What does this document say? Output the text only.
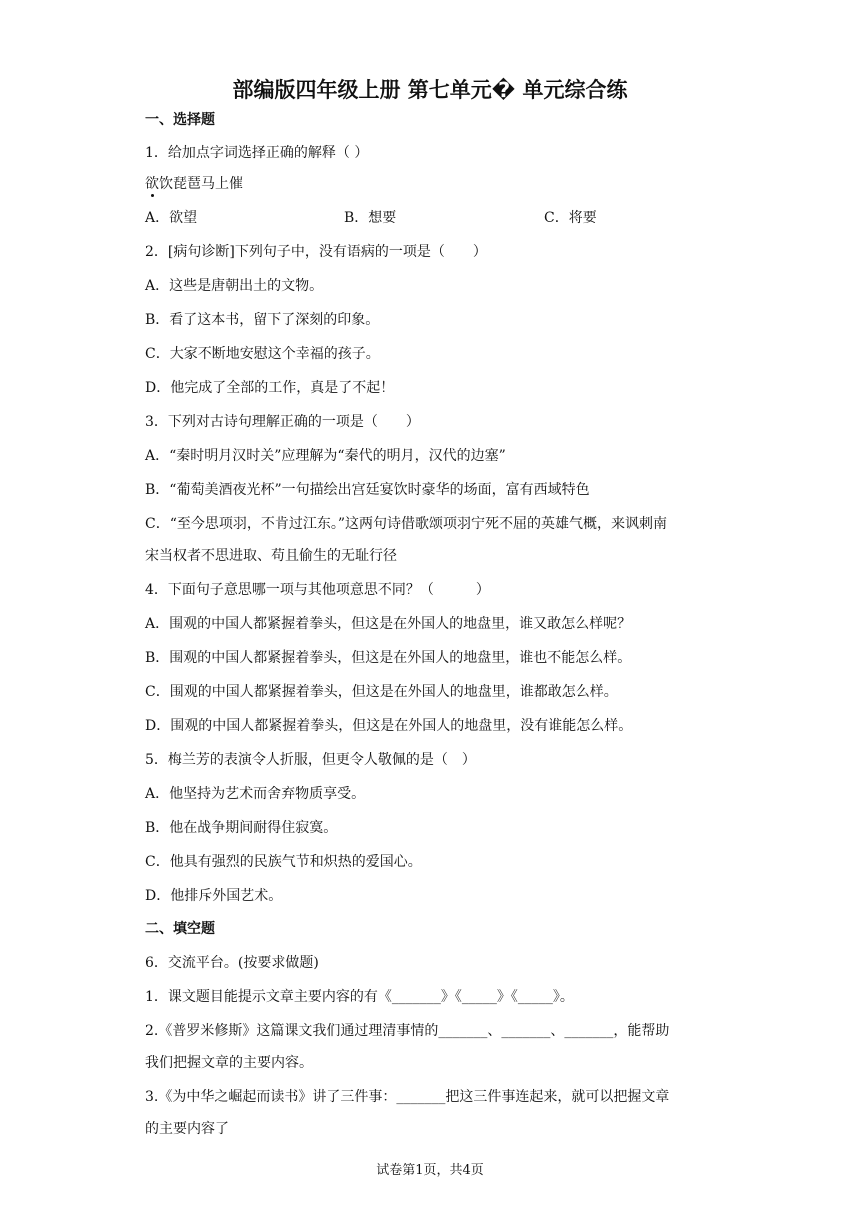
部编版四年级上册 第七单元� 单元综合练
一、选择题
1．给加点字词选择正确的解释（ ）
欲饮琵琶马上催
A．欲望	B．想要	C．将要
2．[病句诊断]下列句子中，没有语病的一项是（　　）
A．这些是唐朝出土的文物。
B．看了这本书，留下了深刻的印象。
C．大家不断地安慰这个幸福的孩子。
D．他完成了全部的工作，真是了不起！
3．下列对古诗句理解正确的一项是（　　）
A．“秦时明月汉时关”应理解为“秦代的明月，汉代的边塞”
B．“葡萄美酒夜光杯”一句描绘出宫廷宴饮时豪华的场面，富有西域特色
C．“至今思项羽，不肯过江东。”这两句诗借歌颂项羽宁死不屈的英雄气概，来讽刺南
宋当权者不思进取、苟且偷生的无耻行径
4．下面句子意思哪一项与其他项意思不同？（　　　）
A．围观的中国人都紧握着拳头，但这是在外国人的地盘里，谁又敢怎么样呢？
B．围观的中国人都紧握着拳头，但这是在外国人的地盘里，谁也不能怎么样。
C．围观的中国人都紧握着拳头，但这是在外国人的地盘里，谁都敢怎么样。
D．围观的中国人都紧握着拳头，但这是在外国人的地盘里，没有谁能怎么样。
5．梅兰芳的表演令人折服，但更令人敬佩的是（　）
A．他坚持为艺术而舍弃物质享受。
B．他在战争期间耐得住寂寞。
C．他具有强烈的民族气节和炽热的爱国心。
D．他排斥外国艺术。
二、填空题
6．交流平台。(按要求做题)
1．课文题目能提示文章主要内容的有《_______》《_____》《_____》。
2.《普罗米修斯》这篇课文我们通过理清事情的_______、_______、_______，能帮助
我们把握文章的主要内容。
3.《为中华之崛起而读书》讲了三件事：_______把这三件事连起来，就可以把握文章
的主要内容了
试卷第1页，共4页
